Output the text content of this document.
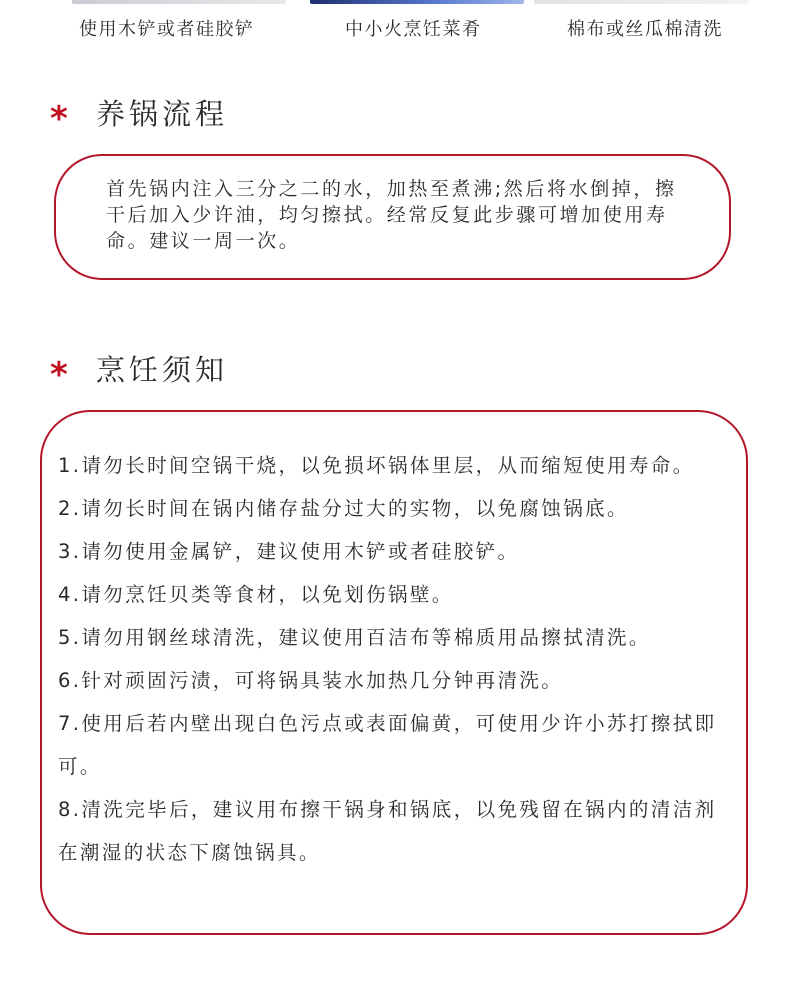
使用木铲或者硅胶铲	中小火烹饪菜肴	棉布或丝瓜棉清洗
* 养锅流程
首先锅内注入三分之二的水，加热至煮沸;然后将水倒掉，擦干后加入少许油，均匀擦拭。经常反复此步骤可增加使用寿命。建议一周一次。
* 烹饪须知
1.请勿长时间空锅干烧，以免损坏锅体里层，从而缩短使用寿命。
2.请勿长时间在锅内储存盐分过大的实物，以免腐蚀锅底。
3.请勿使用金属铲，建议使用木铲或者硅胶铲。
4.请勿烹饪贝类等食材，以免划伤锅壁。
5.请勿用钢丝球清洗，建议使用百洁布等棉质用品擦拭清洗。
6.针对顽固污渍，可将锅具装水加热几分钟再清洗。
7.使用后若内壁出现白色污点或表面偏黄，可使用少许小苏打擦拭即可。
8.清洗完毕后，建议用布擦干锅身和锅底，以免残留在锅内的清洁剂在潮湿的状态下腐蚀锅具。
